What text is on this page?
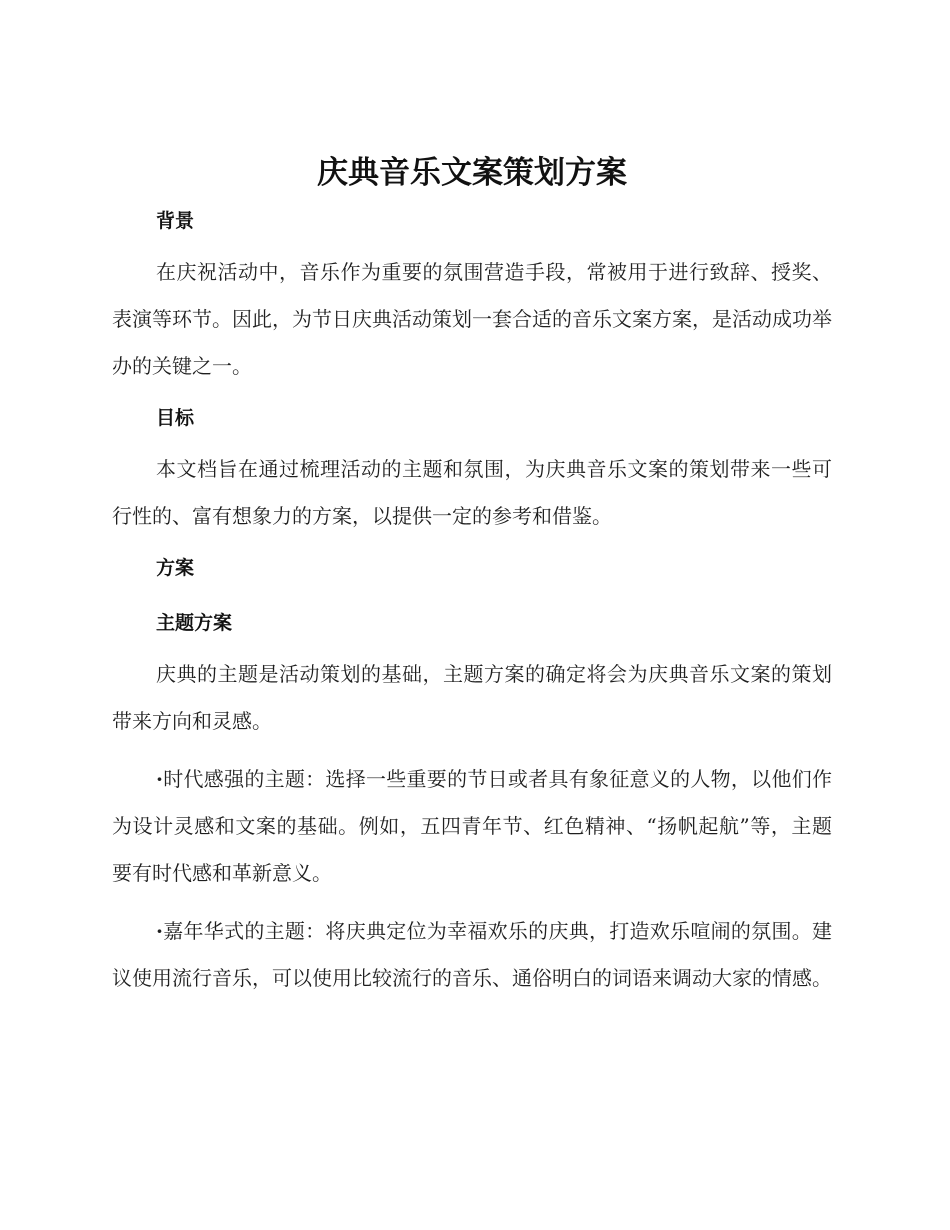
庆典音乐文案策划方案
背景

在庆祝活动中，音乐作为重要的氛围营造手段，常被用于进行致辞、授奖、表演等环节。因此，为节日庆典活动策划一套合适的音乐文案方案，是活动成功举办的关键之一。

目标

本文档旨在通过梳理活动的主题和氛围，为庆典音乐文案的策划带来一些可行性的、富有想象力的方案，以提供一定的参考和借鉴。

方案
主题方案

庆典的主题是活动策划的基础，主题方案的确定将会为庆典音乐文案的策划带来方向和灵感。

·时代感强的主题：选择一些重要的节日或者具有象征意义的人物，以他们作为设计灵感和文案的基础。例如，五四青年节、红色精神、“扬帆起航”等，主题要有时代感和革新意义。

·嘉年华式的主题：将庆典定位为幸福欢乐的庆典，打造欢乐喧闹的氛围。建议使用流行音乐，可以使用比较流行的音乐、通俗明白的词语来调动大家的情感。
